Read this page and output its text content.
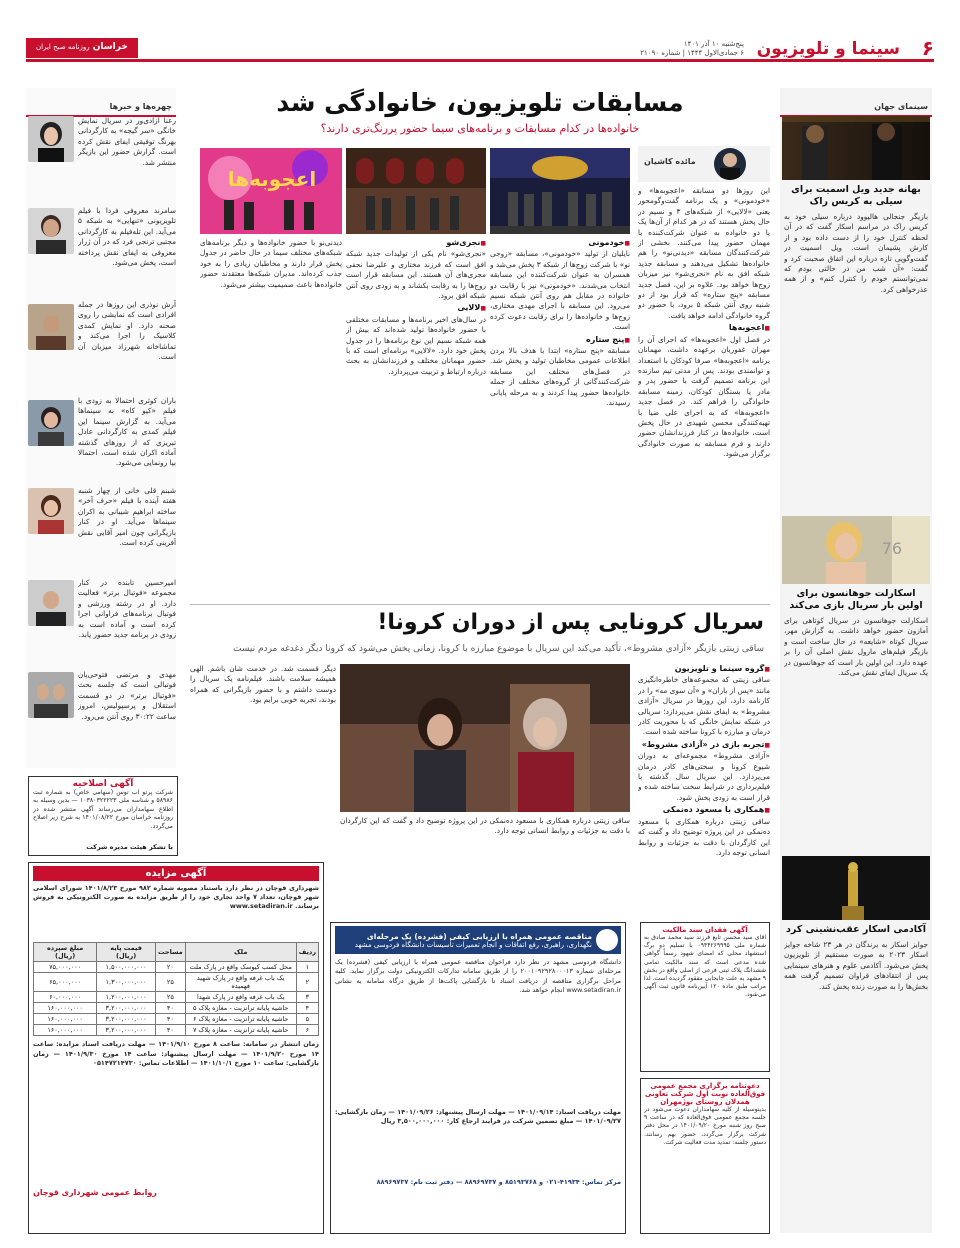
۶
سینما و تلویزیون
پنج‌شنبه ۱۰ آذر ۱۴۰۱
۶ جمادی‌الاول ۱۴۴۴ | شماره ۲۱۰۹۰
خراسان روزنامه صبح ایران
سینمای جهان
بهانه جدید ویل اسمیت برای سیلی به کریس راک
بازیگر جنجالی هالیوود درباره سیلی خود به کریس راک در مراسم اسکار گفت که در آن لحظه کنترل خود را از دست داده بود و از کارش پشیمان است. ویل اسمیت در گفت‌وگویی تازه درباره این اتفاق صحبت کرد و گفت: «آن شب من در حالتی بودم که نمی‌توانستم خودم را کنترل کنم» و از همه عذرخواهی کرد.
76
اسکارلت جوهانسون برای اولین بار سریال بازی می‌کند
اسکارلت جوهانسون در سریال کوتاهی برای آمازون حضور خواهد داشت. به گزارش مهر، سریال کوتاه «شایعه» در حال ساخت است و بازیگر فیلم‌های مارول نقش اصلی آن را بر عهده دارد. این اولین بار است که جوهانسون در یک سریال ایفای نقش می‌کند.
آکادمی اسکار عقب‌نشینی کرد
جوایز اسکار به برندگان در هر ۲۳ شاخه جوایز اسکار ۲۰۲۳ به صورت مستقیم از تلویزیون پخش می‌شود. آکادمی علوم و هنرهای سینمایی پس از انتقادهای فراوان تصمیم گرفت همه بخش‌ها را به صورت زنده پخش کند.
مسابقات تلویزیون، خانوادگی شد
خانواده‌ها در کدام مسابقات و برنامه‌های سیما حضور پررنگ‌تری دارند؟
مائده کاشیان
اعجوبه‌ها	این روزها دو مسابقه «اعجوبه‌ها» و «خودمونی» و یک برنامه گفت‌وگومحور یعنی «لالایی» از شبکه‌های ۳ و نسیم در حال پخش هستند که در هر کدام از آن‌ها یک یا دو خانواده به عنوان شرکت‌کننده یا مهمان حضور پیدا می‌کنند. بخشی از شرکت‌کنندگان مسابقه «دیدنی‌نو» را هم خانواده‌ها تشکیل می‌دهند و مسابقه جدید شبکه افق به نام «نجری‌شو» نیز میزبان زوج‌ها خواهد بود. علاوه بر این، فصل جدید مسابقه «پنج ستاره» که قرار بود از دو شنبه روی آنتن شبکه ۵ برود، با حضور دو گروه خانوادگی ادامه خواهد یافت.

■ اعجوبه‌ها

در فصل اول «اعجوبه‌ها» که اجرای آن را مهران غفوریان برعهده داشت، مهمانان برنامه «اعجوبه‌ها» صرفا کودکان با استعداد و توانمندی بودند. پس از مدتی تیم سازنده این برنامه تصمیم گرفت با حضور پدر و مادر یا بستگان کودکان، زمینه مسابقه خانوادگی را فراهم کند. در فصل جدید «اعجوبه‌ها» که به اجرای علی ضیا با تهیه‌کنندگی محسن شهیدی در حال پخش است، خانواده‌ها در کنار فرزندانشان حضور دارند و فرم مسابقه به صورت خانوادگی برگزار می‌شود.

■ خودمونی

نایلیان از تولید «خودمونی»، مسابقه «زوجی نو» با شرکت زوج‌ها از شبکه ۳ پخش می‌شد و همسران به عنوان شرکت‌کننده این مسابقه انتخاب می‌شدند. «خودمونی» نیز با رقابت دو خانواده در مقابل هم روی آنتن شبکه نسیم می‌رود. این مسابقه با اجرای مهدی مختاری، زوج‌ها و خانواده‌ها را برای رقابت دعوت کرده است.

■ پنج ستاره

مسابقه «پنج ستاره» ابتدا با هدف بالا بردن اطلاعات عمومی مخاطبان تولید و پخش شد. در فصل‌های مختلف این مسابقه شرکت‌کنندگانی از گروه‌های مختلف از جمله خانواده‌ها حضور پیدا کردند و به مرحله پایانی رسیدند.

■ نجری‌شو

«نجری‌شو» نام یکی از تولیدات جدید شبکه افق است که فرزند مختاری و علیرضا نجفی مجری‌های آن هستند. این مسابقه قرار است زوج‌ها را به رقابت بکشاند و به زودی روی آنتن شبکه افق برود.

■ لالایی

در سال‌های اخیر برنامه‌ها و مسابقات مختلفی با حضور خانواده‌ها تولید شده‌اند که بیش از همه شبکه نسیم این نوع برنامه‌ها را در جدول پخش خود دارد. «لالایی» برنامه‌ای است که با حضور مهمانان مختلف و فرزندانشان به بحث درباره ارتباط و تربیت می‌پردازد.

دیدنی‌نو با حضور خانواده‌ها و دیگر برنامه‌های شبکه‌های مختلف سیما در حال حاضر در جدول پخش قرار دارند و مخاطبان زیادی را به خود جذب کرده‌اند. مدیران شبکه‌ها معتقدند حضور خانواده‌ها باعث صمیمیت بیشتر می‌شود.

سریال کرونایی پس از دوران کرونا!
ساقی زینتی بازیگر «آزادی مشروط»، تأکید می‌کند این سریال با موضوع مبارزه با کرونا، زمانی پخش می‌شود که کرونا دیگر دغدغه مردم نیست
■ گروه سینما و تلویزیون

ساقی زینتی که مجموعه‌های خاطره‌انگیزی مانند «پس از باران» و «آن سوی مه» را در کارنامه دارد، این روزها در سریال «آزادی مشروط» به ایفای نقش می‌پردازد؛ سریالی در شبکه نمایش خانگی که با محوریت کادر درمان و مبارزه با کرونا ساخته شده است.

■ تجربه بازی در «آزادی مشروط»

«آزادی مشروط» مجموعه‌ای به دوران شیوع کرونا و سختی‌های کادر درمان می‌پردازد. این سریال سال گذشته با فیلم‌برداری در شرایط سخت ساخته شده و قرار است به زودی پخش شود.

■ همکاری با مسعود ده‌نمکی

ساقی زینتی درباره همکاری با مسعود ده‌نمکی در این پروژه توضیح داد و گفت که این کارگردان با دقت به جزئیات و روابط انسانی توجه دارد.

ساقی زینتی درباره همکاری با مسعود ده‌نمکی در این پروژه توضیح داد و گفت که این کارگردان با دقت به جزئیات و روابط انسانی توجه دارد.

دیگر قسمت شد. در خدمت شان باشم. الهی همیشه سلامت باشند. فیلم‌نامه یک سریال را دوست داشتم و با حضور بازیگرانی که همراه بودند، تجربه خوبی برایم بود.

چهره‌ها و خبرها
رعنا آزادی‌ور در سریال نمایش خانگی «سر گیجه» به کارگردانی بهرنگ توفیقی ایفای نقش کرده است. گزارش حضور این بازیگر منتشر شد.
سامرند معروفی فردا با فیلم تلویزیونی «تنهایی» به شبکه ۵ می‌آید. این تله‌فیلم به کارگردانی مجتبی ترنجی فرد که در آن ژرار معروفی به ایفای نقش پرداخته است، پخش می‌شود.
آرش نوذری این روزها در جمله افرادی است که نمایشی را روی صحنه دارد. او نمایش کمدی کلاسیک را اجرا می‌کند و تماشاخانه شهرزاد میزبان آن است.
باران کوثری احتمالا به زودی با فیلم «کیو کاه» به سینماها می‌آید. به گزارش سینما این فیلم کمدی به کارگردانی عادل تبریزی که از روزهای گذشته آماده اکران شده است، احتمالا بیا رونمایی می‌شود.
شبنم قلی خانی از چهار شنبه هفته آینده با فیلم «حرف آخر» ساخته ابراهیم شیبانی به اکران سینماها می‌آید. او در کنار بازیگرانی چون امیر آقایی نقش آفرینی کرده است.
امیرحسین تابنده در کنار مجموعه «فوتبال برتر» فعالیت دارد. او در رشته ورزشی و فوتبال برنامه‌های فراوانی اجرا کرده است و آماده است به زودی در برنامه جدید حضور یابد.
مهدی و مرتضی فتوحی‌یان فوتبالی است که جلسه بحث «فوتبال برتر» در دو قسمت استقلال و پرسپولیس، امروز ساعت ۳۰:۲۲ روی آنتن می‌رود.
آگهی اصلاحیه
شرکت پرتو آب توس (سهامی خاص) به شماره ثبت ۵۸۹۸۶ و شناسه ملی ۱۰۳۸۰۳۲۲۲۲۳ — بدین وسیله به اطلاع سهامداران می‌رساند آگهی منتشر شده در روزنامه خراسان مورخ ۱۴۰۱/۰۸/۲۲ به شرح زیر اصلاح می‌گردد.
با تشکر هیئت مدیره شرکت
آگهی مزایده
شهرداری قوچان در نظر دارد باستناد مصوبه شماره ۹۸۲ مورخ ۱۴۰۱/۸/۲۳ شورای اسلامی شهر قوچان، تعداد ۷ واحد تجاری خود را از طریق مزایده به صورت الکترونیکی به فروش برساند. www.setadiran.ir
ردیف	ملک	مساحت	قیمت پایه (ریال)	مبلغ سپرده (ریال)
۱	محل کسب کیوسک واقع در پارک ملت	۲۰	۱,۵۰۰,۰۰۰,۰۰۰	۷۵,۰۰۰,۰۰۰
۲	یک باب غرفه واقع در پارک شهید فهمیده	۲۵	۱,۳۰۰,۰۰۰,۰۰۰	۶۵,۰۰۰,۰۰۰
۳	یک باب غرفه واقع در پارک شهدا	۲۵	۱,۲۰۰,۰۰۰,۰۰۰	۶۰,۰۰۰,۰۰۰
۴	حاشیه پایانه ترانزیت - مغازه پلاک ۵	۴۰	۳,۲۰۰,۰۰۰,۰۰۰	۱۶۰,۰۰۰,۰۰۰
۵	حاشیه پایانه ترانزیت - مغازه پلاک ۶	۴۰	۳,۲۰۰,۰۰۰,۰۰۰	۱۶۰,۰۰۰,۰۰۰
۶	حاشیه پایانه ترانزیت - مغازه پلاک ۷	۴۰	۳,۲۰۰,۰۰۰,۰۰۰	۱۶۰,۰۰۰,۰۰۰
زمان انتشار در سامانه: ساعت ۸ مورخ ۱۴۰۱/۹/۱۰ — مهلت دریافت اسناد مزایده: ساعت ۱۴ مورخ ۱۴۰۱/۹/۲۰ — مهلت ارسال پیشنهاد: ساعت ۱۴ مورخ ۱۴۰۱/۹/۳۰ — زمان بازگشایی: ساعت ۱۰ مورخ ۱۴۰۱/۱۰/۱ — اطلاعات تماس: ۰۵۱۴۷۲۱۴۷۳۰
روابط عمومی شهرداری قوچان
مناقصه عمومی همراه با ارزیابی کیفی (فشرده) یک مرحله‌ای
نگهداری، راهبری، رفع اتفاقات و انجام تعمیرات تأسیسات دانشگاه فردوسی مشهد
دانشگاه فردوسی مشهد در نظر دارد فراخوان مناقصه عمومی همراه با ارزیابی کیفی (فشرده) یک مرحله‌ای شماره ۲۰۰۱۰۹۲۹۲۸۰۰۰۱۳ را از طریق سامانه تدارکات الکترونیکی دولت برگزار نماید. کلیه مراحل برگزاری مناقصه از دریافت اسناد تا بازگشایی پاکت‌ها از طریق درگاه سامانه به نشانی www.setadiran.ir انجام خواهد شد.
مهلت دریافت اسناد: ۱۴۰۱/۰۹/۱۴ — مهلت ارسال پیشنهاد: ۱۴۰۱/۰۹/۲۶ — زمان بازگشایی: ۱۴۰۱/۰۹/۲۷ — مبلغ تضمین شرکت در فرایند ارجاع کار: ۳,۵۰۰,۰۰۰,۰۰۰ ریال
مرکز تماس: ۴۱۹۳۴-۰۲۱ و ۸۵۱۹۳۷۶۸ و ۸۸۹۶۹۷۳۷ — دفتر ثبت نام: ۸۸۹۶۹۷۳۷
آگهی فقدان سند مالکیت
آقای سید محسن تابع فرزند سید محمد صادق به شماره ملی ۰۹۴۴۲۶۹۹۹۵ با تسلیم دو برگ استشهاد محلی که امضای شهود رسماً گواهی شده مدعی است که سند مالکیت تمامی ششدانگ پلاک ثبتی فرعی از اصلی واقع در بخش ۹ مشهد به علت جابجایی مفقود گردیده است. لذا مراتب طبق ماده ۱۲۰ آیین‌نامه قانون ثبت آگهی می‌شود.
دعوتنامه برگزاری مجمع عمومی فوق‌العاده نوبت اول شرکت تعاونی همدلان روستای بوژمهران
بدینوسیله از کلیه سهامداران دعوت می‌شود در جلسه مجمع عمومی فوق‌العاده که در ساعت ۹ صبح روز شنبه مورخ ۱۴۰۱/۰۹/۲۰ در محل دفتر شرکت برگزار می‌گردد، حضور بهم رسانند. دستور جلسه: تمدید مدت فعالیت شرکت.
